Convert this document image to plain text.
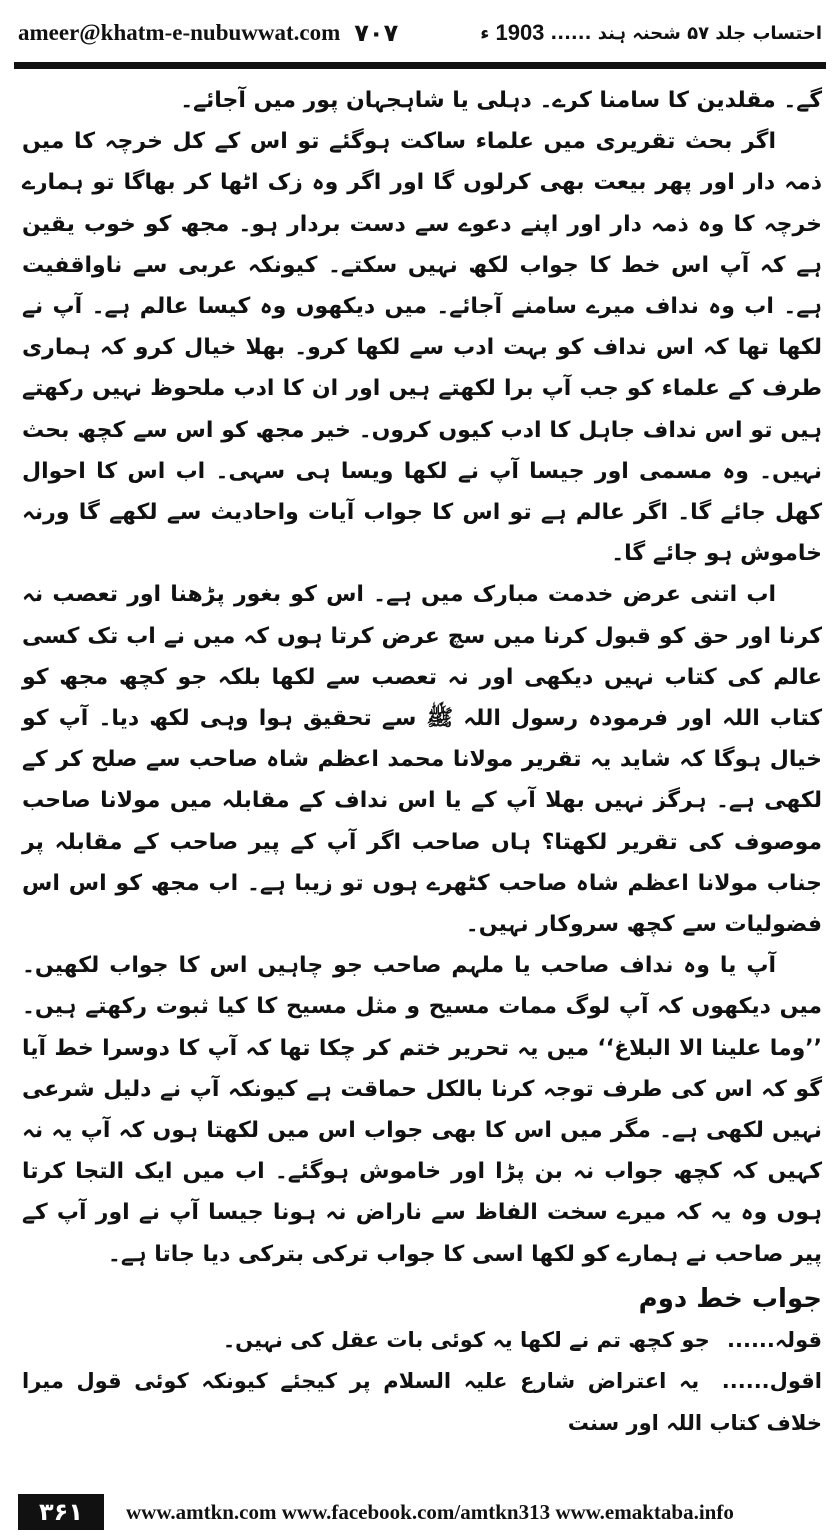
ameer@khatm-e-nubuwwat.com ۷۰۷	احتساب جلد ۵۷ شحنہ ہند ......
1903
ء

گے۔ مقلدین کا سامنا کرے۔ دہلی یا شاہجہان پور میں آجائے۔

اگر بحث تقریری میں علماء ساکت ہوگئے تو اس کے کل خرچہ کا میں ذمہ دار اور پھر بیعت بھی کرلوں گا اور اگر وہ زک اٹھا کر بھاگا تو ہمارے خرچہ کا وہ ذمہ دار اور اپنے دعوے سے دست بردار ہو۔ مجھ کو خوب یقین ہے کہ آپ اس خط کا جواب لکھ نہیں سکتے۔ کیونکہ عربی سے ناواقفیت ہے۔ اب وہ نداف میرے سامنے آجائے۔ میں دیکھوں وہ کیسا عالم ہے۔ آپ نے لکھا تھا کہ اس نداف کو بہت ادب سے لکھا کرو۔ بھلا خیال کرو کہ ہماری طرف کے علماء کو جب آپ برا لکھتے ہیں اور ان کا ادب ملحوظ نہیں رکھتے ہیں تو اس نداف جاہل کا ادب کیوں کروں۔ خیر مجھ کو اس سے کچھ بحث نہیں۔ وہ مسمی اور جیسا آپ نے لکھا ویسا ہی سہی۔ اب اس کا احوال کھل جائے گا۔ اگر عالم ہے تو اس کا جواب آیات واحادیث سے لکھے گا ورنہ خاموش ہو جائے گا۔

اب اتنی عرض خدمت مبارک میں ہے۔ اس کو بغور پڑھنا اور تعصب نہ کرنا اور حق کو قبول کرنا میں سچ عرض کرتا ہوں کہ میں نے اب تک کسی عالم کی کتاب نہیں دیکھی اور نہ تعصب سے لکھا بلکہ جو کچھ مجھ کو کتاب اللہ اور فرمودہ رسول اللہ ﷺ سے تحقیق ہوا وہی لکھ دیا۔ آپ کو خیال ہوگا کہ شاید یہ تقریر مولانا محمد اعظم شاہ صاحب سے صلح کر کے لکھی ہے۔ ہرگز نہیں بھلا آپ کے یا اس نداف کے مقابلہ میں مولانا صاحب موصوف کی تقریر لکھتا؟ ہاں صاحب اگر آپ کے پیر صاحب کے مقابلہ پر جناب مولانا اعظم شاہ صاحب کٹھرے ہوں تو زیبا ہے۔ اب مجھ کو اس اس فضولیات سے کچھ سروکار نہیں۔

آپ یا وہ نداف صاحب یا ملہم صاحب جو چاہیں اس کا جواب لکھیں۔ میں دیکھوں کہ آپ لوگ ممات مسیح و مثل مسیح کا کیا ثبوت رکھتے ہیں۔ ’’وما علینا الا البلاغ‘‘ میں یہ تحریر ختم کر چکا تھا کہ آپ کا دوسرا خط آیا گو کہ اس کی طرف توجہ کرنا بالکل حماقت ہے کیونکہ آپ نے دلیل شرعی نہیں لکھی ہے۔ مگر میں اس کا بھی جواب اس میں لکھتا ہوں کہ آپ یہ نہ کہیں کہ کچھ جواب نہ بن پڑا اور خاموش ہوگئے۔ اب میں ایک التجا کرتا ہوں وہ یہ کہ میرے سخت الفاظ سے ناراض نہ ہونا جیسا آپ نے اور آپ کے پیر صاحب نے ہمارے کو لکھا اسی کا جواب ترکی بترکی دیا جاتا ہے۔

جواب خط دوم

قولہ...... جو کچھ تم نے لکھا یہ کوئی بات عقل کی نہیں۔

اقول...... یہ اعتراض شارع علیہ السلام پر کیجئے کیونکہ کوئی قول میرا خلاف کتاب اللہ اور سنت

۳۶۱	www.amtkn.com www.facebook.com/amtkn313 www.emaktaba.info
